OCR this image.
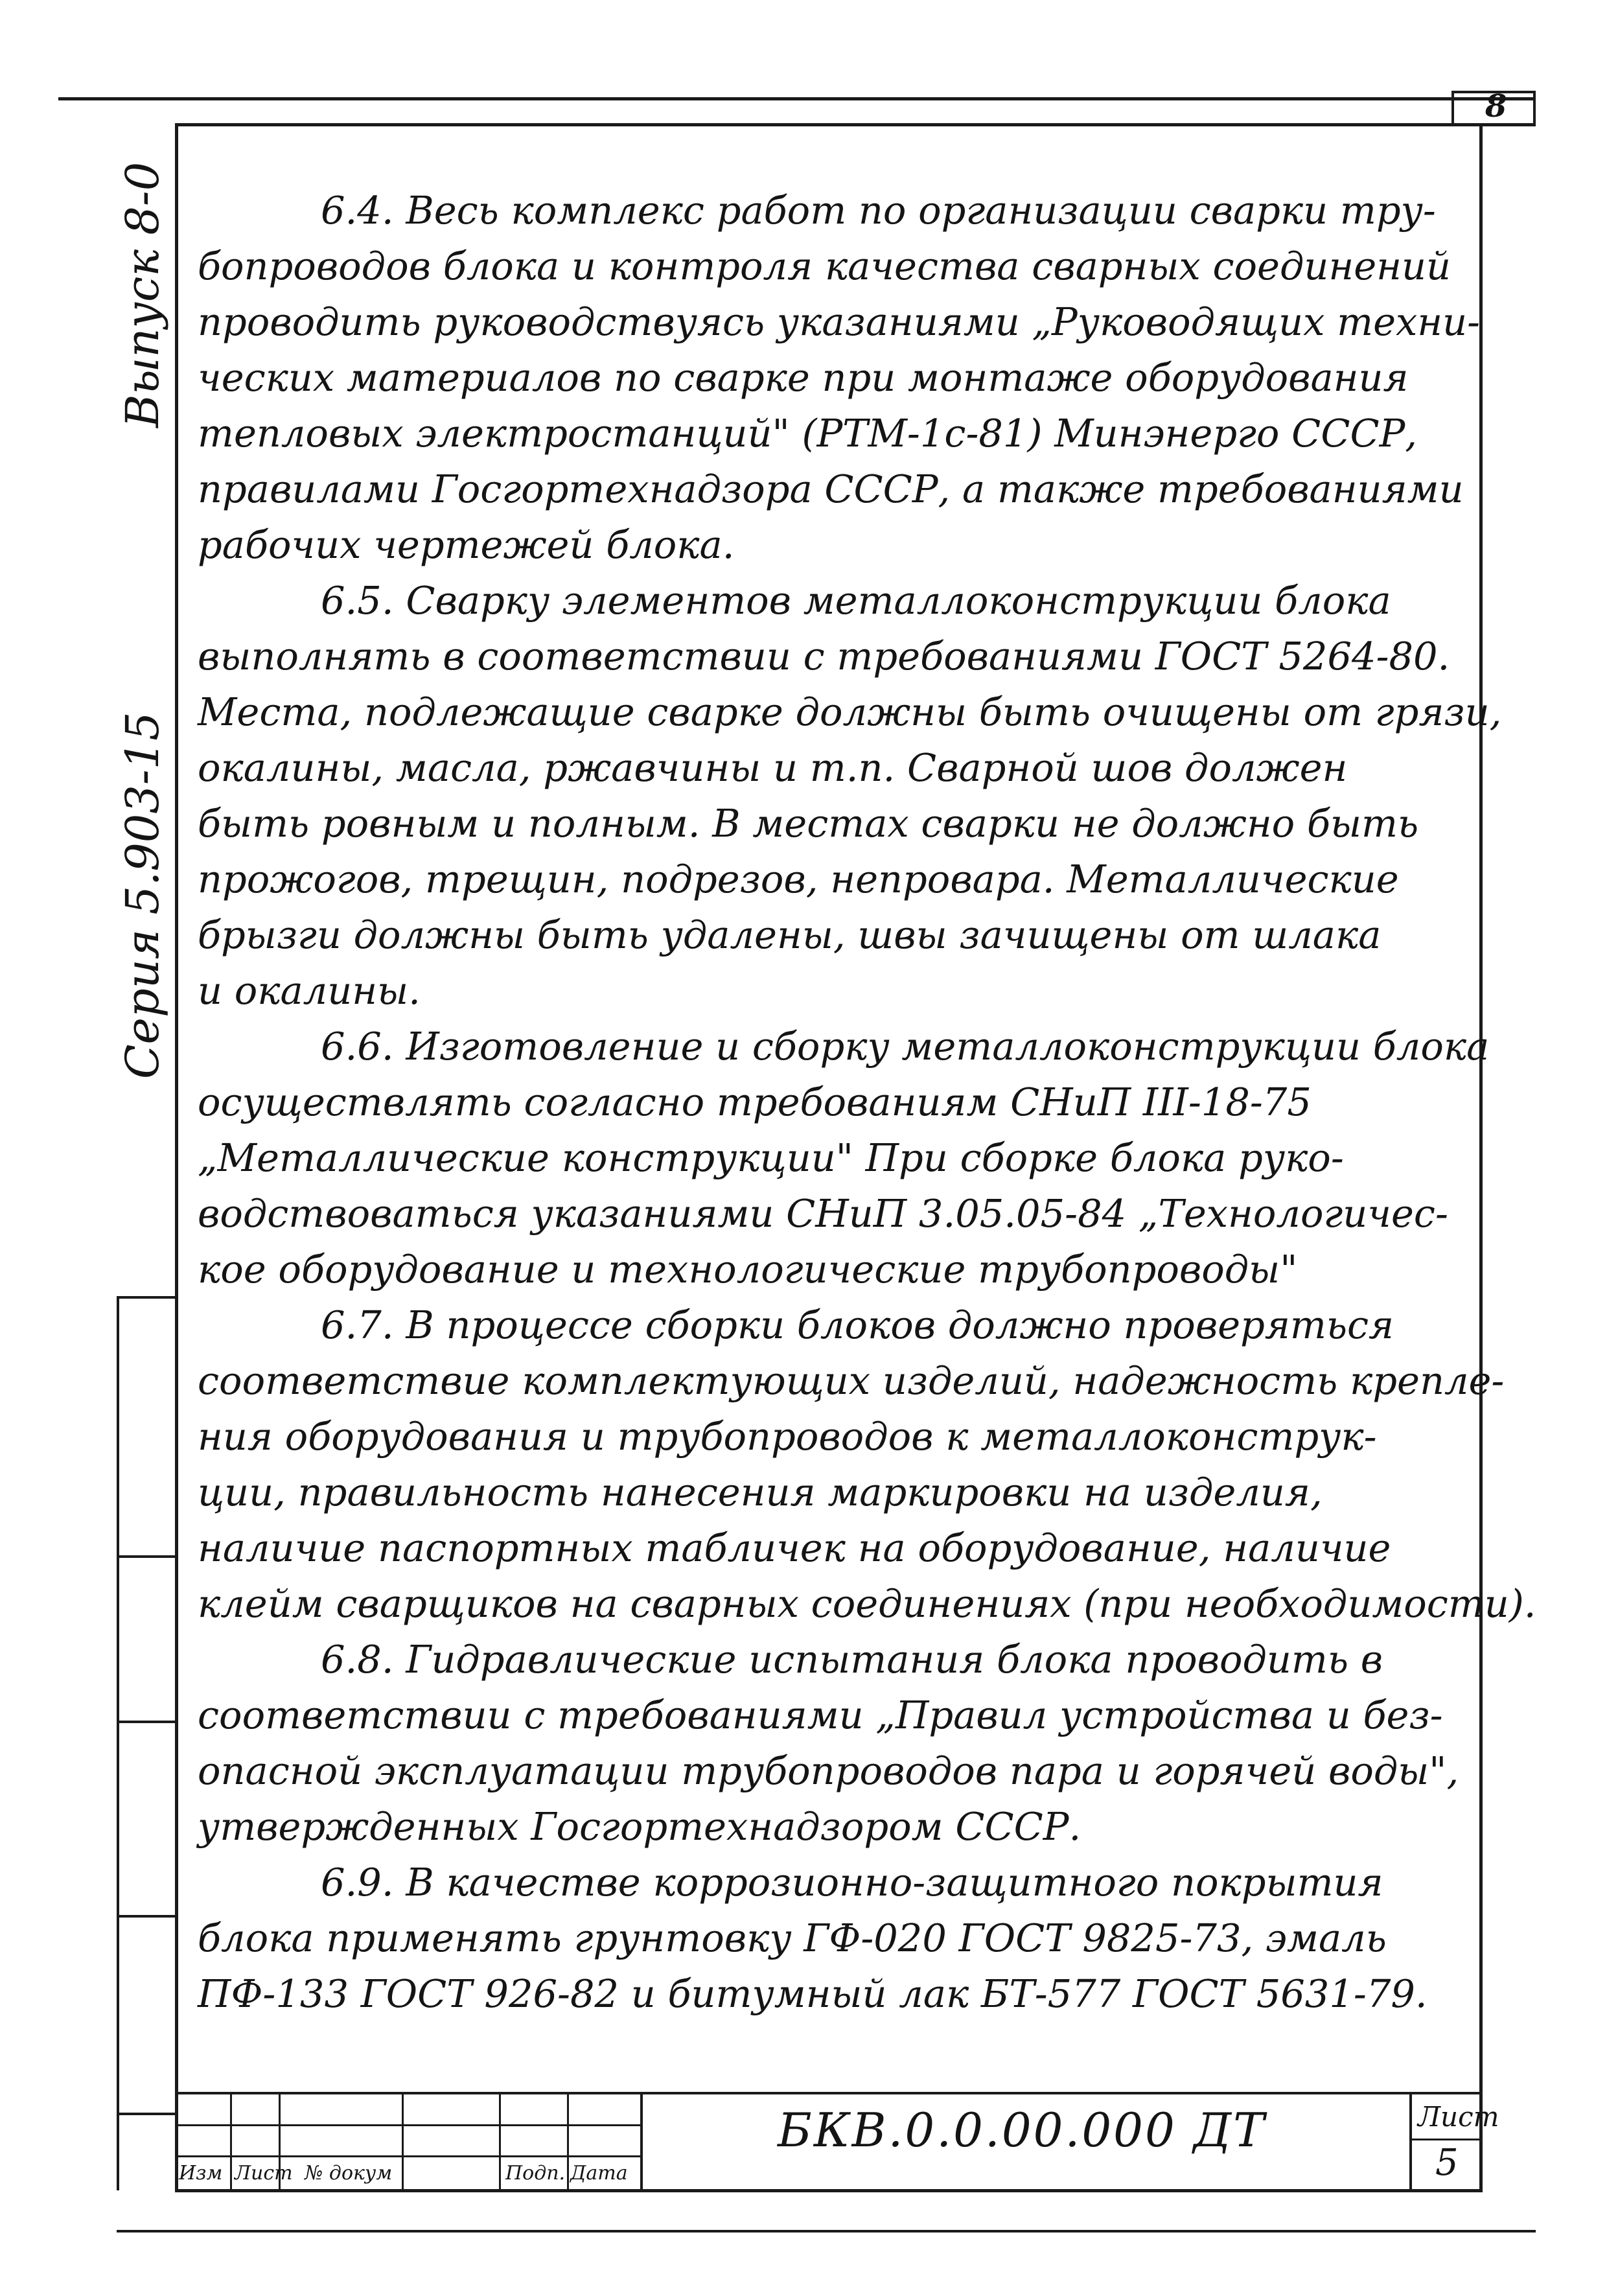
8
Выпуск 8-0
Серия 5.903-15
6.4. Весь комплекс работ по организации сварки тру-
бопроводов блока и контроля качества сварных соединений
проводить руководствуясь указаниями „Руководящих техни-
ческих материалов по сварке при монтаже оборудования
тепловых электростанций" (РТМ-1с-81) Минэнерго СССР,
правилами Госгортехнадзора СССР, а также требованиями
рабочих чертежей блока.
6.5. Сварку элементов металлоконструкции блока
выполнять в соответствии с требованиями ГОСТ 5264-80.
Места, подлежащие сварке должны быть очищены от грязи,
окалины, масла, ржавчины и т.п. Сварной шов должен
быть ровным и полным. В местах сварки не должно быть
прожогов, трещин, подрезов, непровара. Металлические
брызги должны быть удалены, швы зачищены от шлака
и окалины.
6.6. Изготовление и сборку металлоконструкции блока
осуществлять согласно требованиям СНиП III-18-75
„Металлические конструкции" При сборке блока руко-
водствоваться указаниями СНиП 3.05.05-84 „Технологичес-
кое оборудование и технологические трубопроводы"
6.7. В процессе сборки блоков должно проверяться
соответствие комплектующих изделий, надежность крепле-
ния оборудования и трубопроводов к металлоконструк-
ции, правильность нанесения маркировки на изделия,
наличие паспортных табличек на оборудование, наличие
клейм сварщиков на сварных соединениях (при необходимости).
6.8. Гидравлические испытания блока проводить в
соответствии с требованиями „Правил устройства и без-
опасной эксплуатации трубопроводов пара и горячей воды",
утвержденных Госгортехнадзором СССР.
6.9. В качестве коррозионно-защитного покрытия
блока применять грунтовку ГФ-020 ГОСТ 9825-73, эмаль
ПФ-133 ГОСТ 926-82 и битумный лак БТ-577 ГОСТ 5631-79.
Изм Лист № докум	Подп. Дата
БКВ.0.0.00.000 ДТ	Лист
5
